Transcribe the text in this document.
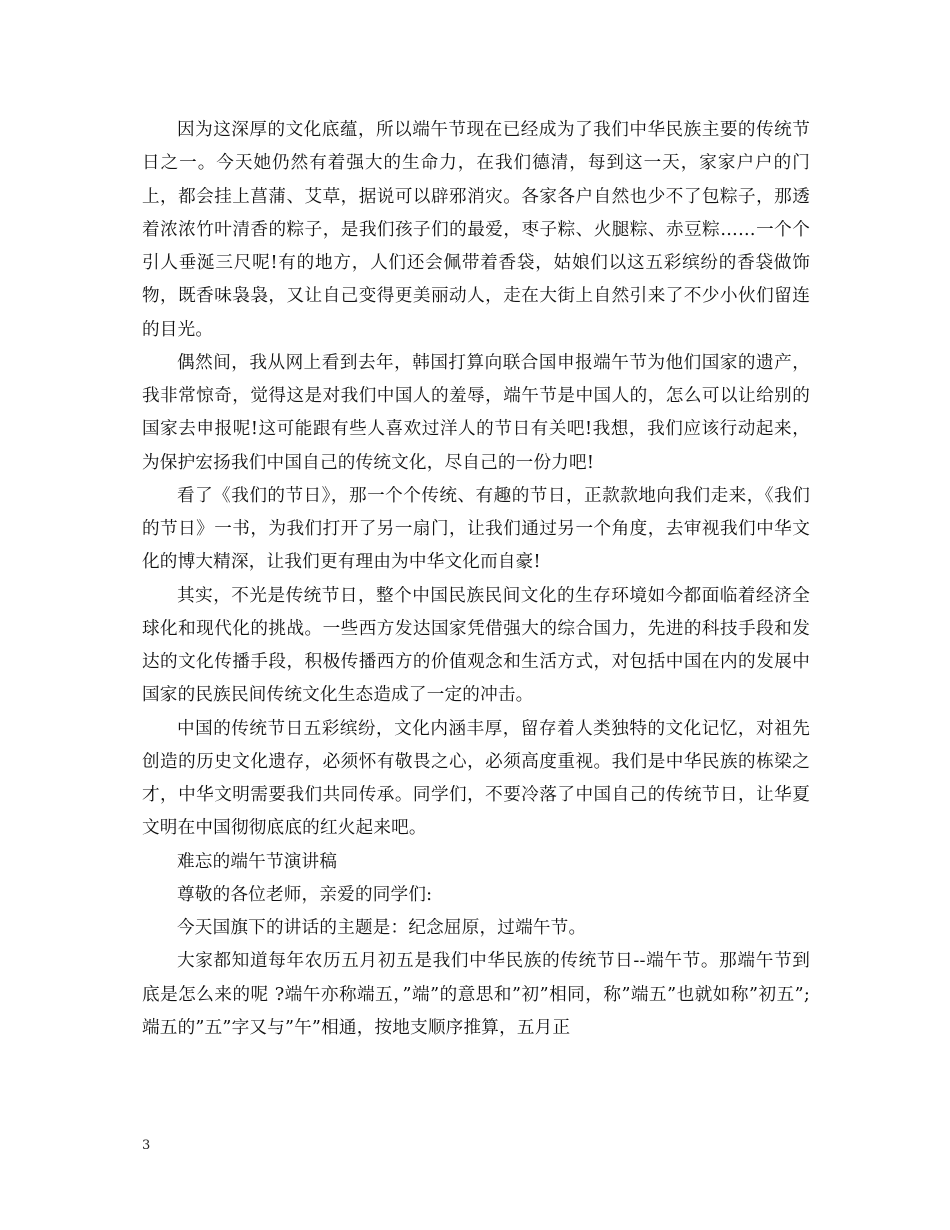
因为这深厚的文化底蕴，所以端午节现在已经成为了我们中华民族主要的传统节日之一。今天她仍然有着强大的生命力，在我们德清，每到这一天，家家户户的门上，都会挂上菖蒲、艾草，据说可以辟邪消灾。各家各户自然也少不了包粽子，那透着浓浓竹叶清香的粽子，是我们孩子们的最爱，枣子粽、火腿粽、赤豆粽……一个个引人垂涎三尺呢!有的地方，人们还会佩带着香袋，姑娘们以这五彩缤纷的香袋做饰物，既香味袅袅，又让自己变得更美丽动人，走在大街上自然引来了不少小伙们留连的目光。

偶然间，我从网上看到去年，韩国打算向联合国申报端午节为他们国家的遗产，我非常惊奇，觉得这是对我们中国人的羞辱，端午节是中国人的，怎么可以让给别的国家去申报呢!这可能跟有些人喜欢过洋人的节日有关吧!我想，我们应该行动起来，为保护宏扬我们中国自己的传统文化，尽自己的一份力吧!

看了《我们的节日》，那一个个传统、有趣的节日，正款款地向我们走来，《我们的节日》一书，为我们打开了另一扇门，让我们通过另一个角度，去审视我们中华文化的博大精深，让我们更有理由为中华文化而自豪!

其实，不光是传统节日，整个中国民族民间文化的生存环境如今都面临着经济全球化和现代化的挑战。一些西方发达国家凭借强大的综合国力，先进的科技手段和发达的文化传播手段，积极传播西方的价值观念和生活方式，对包括中国在内的发展中国家的民族民间传统文化生态造成了一定的冲击。

中国的传统节日五彩缤纷，文化内涵丰厚，留存着人类独特的文化记忆，对祖先创造的历史文化遗存，必须怀有敬畏之心，必须高度重视。我们是中华民族的栋梁之才，中华文明需要我们共同传承。同学们，不要冷落了中国自己的传统节日，让华夏文明在中国彻彻底底的红火起来吧。

难忘的端午节演讲稿

尊敬的各位老师，亲爱的同学们:

今天国旗下的讲话的主题是：纪念屈原，过端午节。

大家都知道每年农历五月初五是我们中华民族的传统节日--端午节。那端午节到底是怎么来的呢 ?端午亦称端五，”端”的意思和”初”相同，称”端五”也就如称”初五”;端五的”五”字又与”午”相通，按地支顺序推算，五月正

3
